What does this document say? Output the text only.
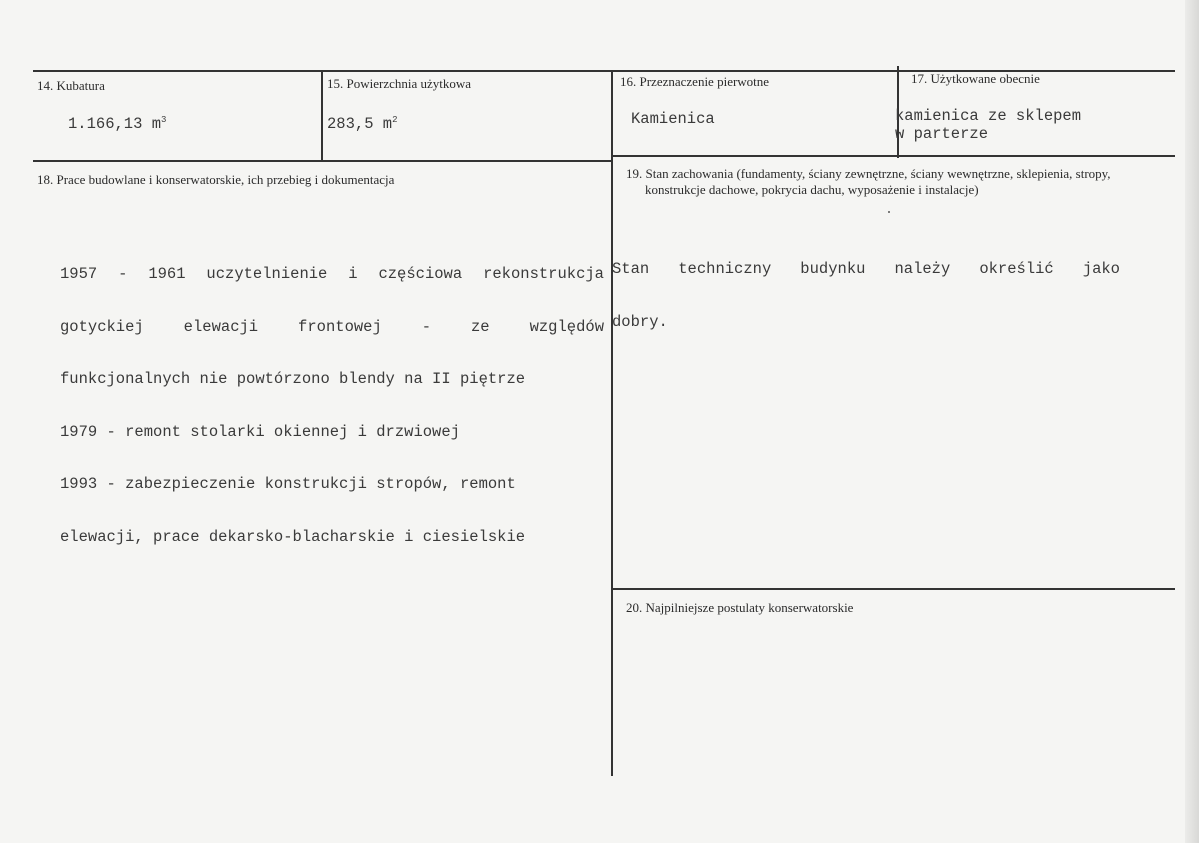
14. Kubatura
1.166,13 $m^3$
15. Powierzchnia użytkowa
283,5 $m^2$
16. Przeznaczenie pierwotne
Kamienica
17. Użytkowane obecnie
kamienica ze sklepem
w parterze
18. Prace budowlane i konserwatorskie, ich przebieg i dokumentacja

1957 - 1961 uczytelnienie i częściowa rekonstrukcja

gotyckiej elewacji frontowej - ze względów

funkcjonalnych nie powtórzono blendy na II piętrze

1979 - remont stolarki okiennej i drzwiowej

1993 - zabezpieczenie konstrukcji stropów, remont

elewacji, prace dekarsko-blacharskie i ciesielskie

19. Stan zachowania (fundamenty, ściany zewnętrzne, ściany wewnętrzne, sklepienia, stropy,
konstrukcje dachowe, pokrycia dachu, wyposażenie i instalacje)

Stan techniczny budynku należy określić jako

dobry.

20. Najpilniejsze postulaty konserwatorskie
